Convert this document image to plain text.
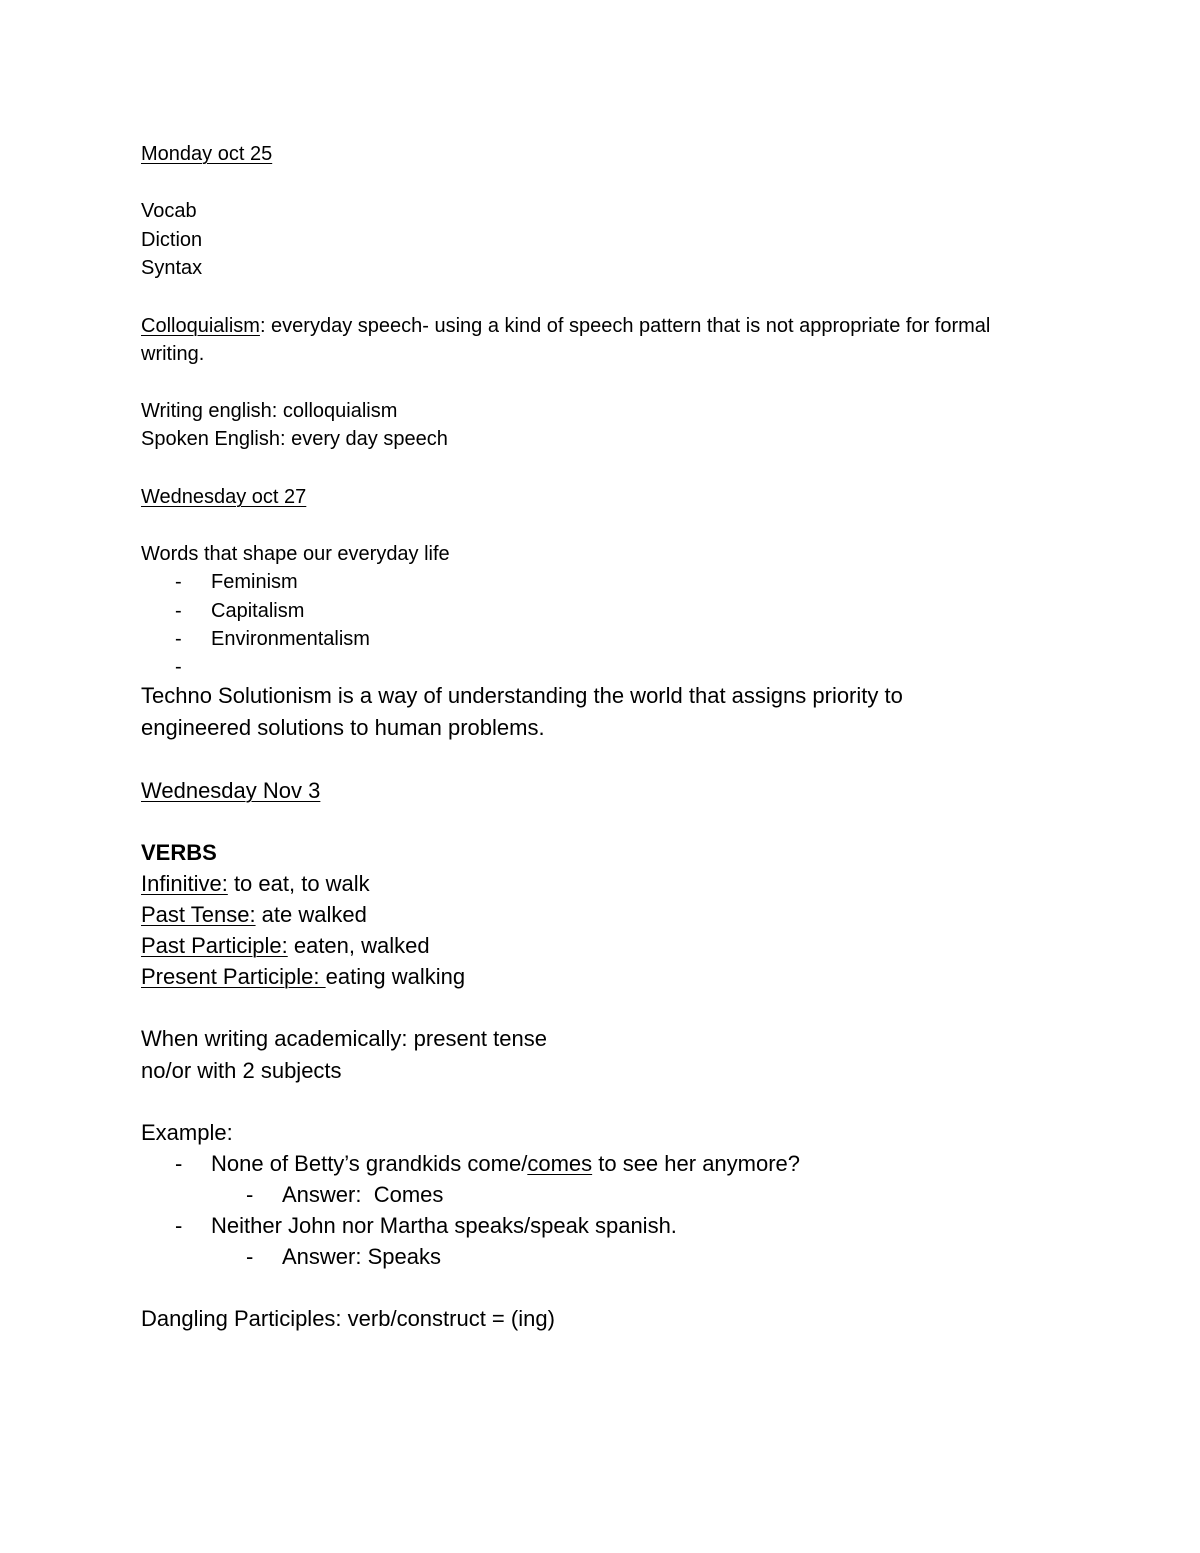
Monday oct 25
Vocab
Diction
Syntax
Colloquialism: everyday speech- using a kind of speech pattern that is not appropriate for formal
writing.
Writing english: colloquialism
Spoken English: every day speech
Wednesday oct 27
Words that shape our everyday life
- Feminism
- Capitalism
- Environmentalism
-
Techno Solutionism is a way of understanding the world that assigns priority to
engineered solutions to human problems.
Wednesday Nov 3
VERBS
Infinitive: to eat, to walk
Past Tense: ate walked
Past Participle: eaten, walked
Present Participle: eating walking
When writing academically: present tense
no/or with 2 subjects
Example:
- None of Betty’s grandkids come/comes to see her anymore?
- Answer:  Comes
- Neither John nor Martha speaks/speak spanish.
- Answer: Speaks
Dangling Participles: verb/construct = (ing)
